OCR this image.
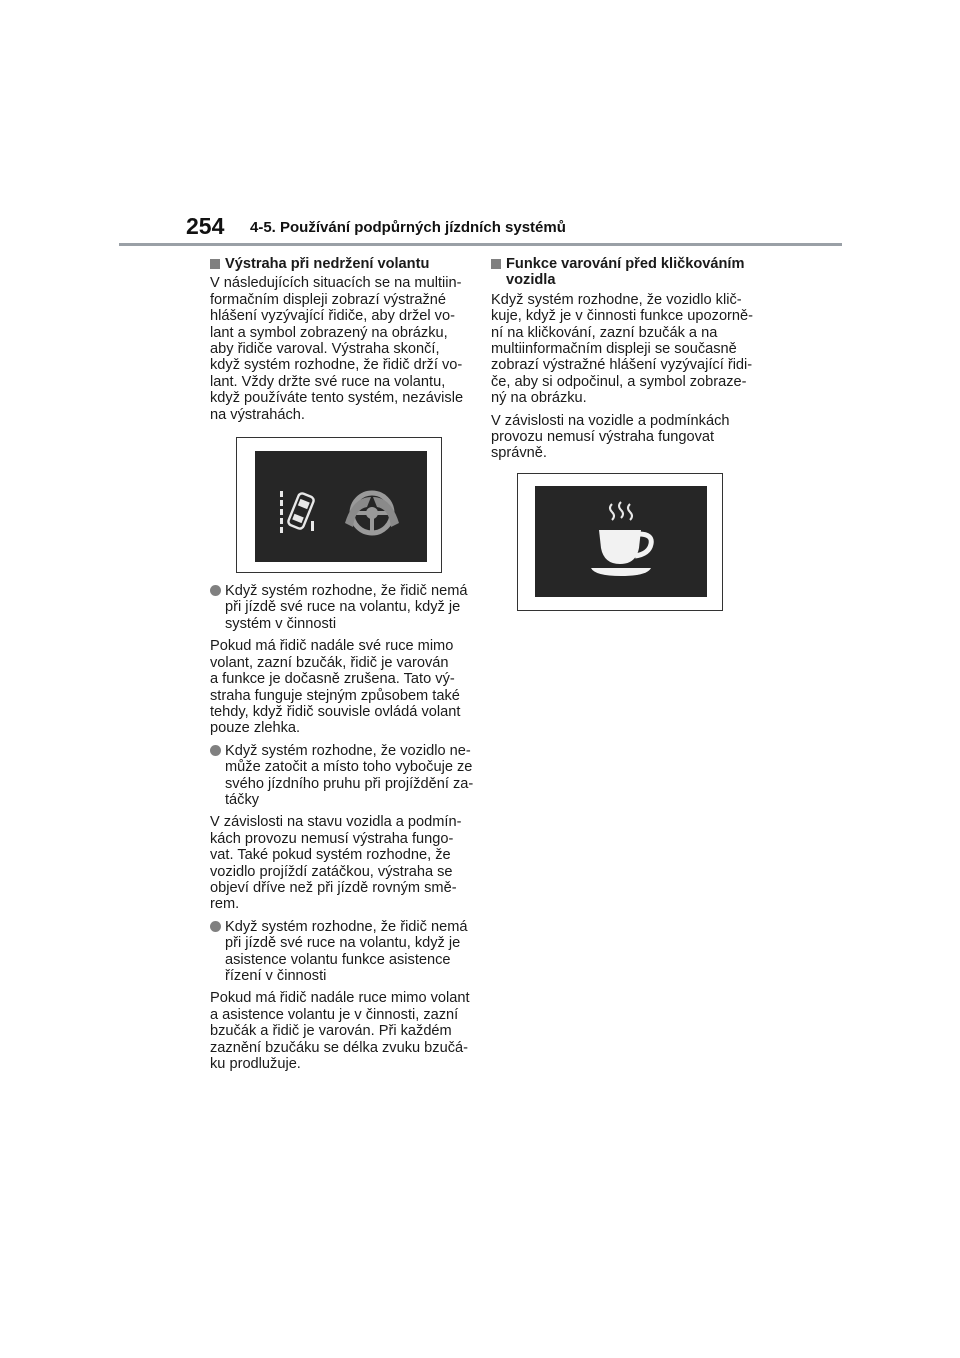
254 4-5. Používání podpůrných jízdních systémů
Výstraha při nedržení volantu
V následujících situacích se na multiin-
formačním displeji zobrazí výstražné
hlášení vyzývající řidiče, aby držel vo-
lant a symbol zobrazený na obrázku,
aby řidiče varoval. Výstraha skončí,
když systém rozhodne, že řidič drží vo-
lant. Vždy držte své ruce na volantu,
když používáte tento systém, nezávisle
na výstrahách.
Když systém rozhodne, že řidič nemá
při jízdě své ruce na volantu, když je
systém v činnosti
Pokud má řidič nadále své ruce mimo
volant, zazní bzučák, řidič je varován
a funkce je dočasně zrušena. Tato vý-
straha funguje stejným způsobem také
tehdy, když řidič souvisle ovládá volant
pouze zlehka.
Když systém rozhodne, že vozidlo ne-
může zatočit a místo toho vybočuje ze
svého jízdního pruhu při projíždění za-
táčky
V závislosti na stavu vozidla a podmín-
kách provozu nemusí výstraha fungo-
vat. Také pokud systém rozhodne, že
vozidlo projíždí zatáčkou, výstraha se
objeví dříve než při jízdě rovným smě-
rem.
Když systém rozhodne, že řidič nemá
při jízdě své ruce na volantu, když je
asistence volantu funkce asistence
řízení v činnosti
Pokud má řidič nadále ruce mimo volant
a asistence volantu je v činnosti, zazní
bzučák a řidič je varován. Při každém
zaznění bzučáku se délka zvuku bzučá-
ku prodlužuje.
Funkce varování před kličkováním
vozidla
Když systém rozhodne, že vozidlo klič-
kuje, když je v činnosti funkce upozorně-
ní na kličkování, zazní bzučák a na
multiinformačním displeji se současně
zobrazí výstražné hlášení vyzývající řidi-
če, aby si odpočinul, a symbol zobraze-
ný na obrázku.
V závislosti na vozidle a podmínkách
provozu nemusí výstraha fungovat
správně.
